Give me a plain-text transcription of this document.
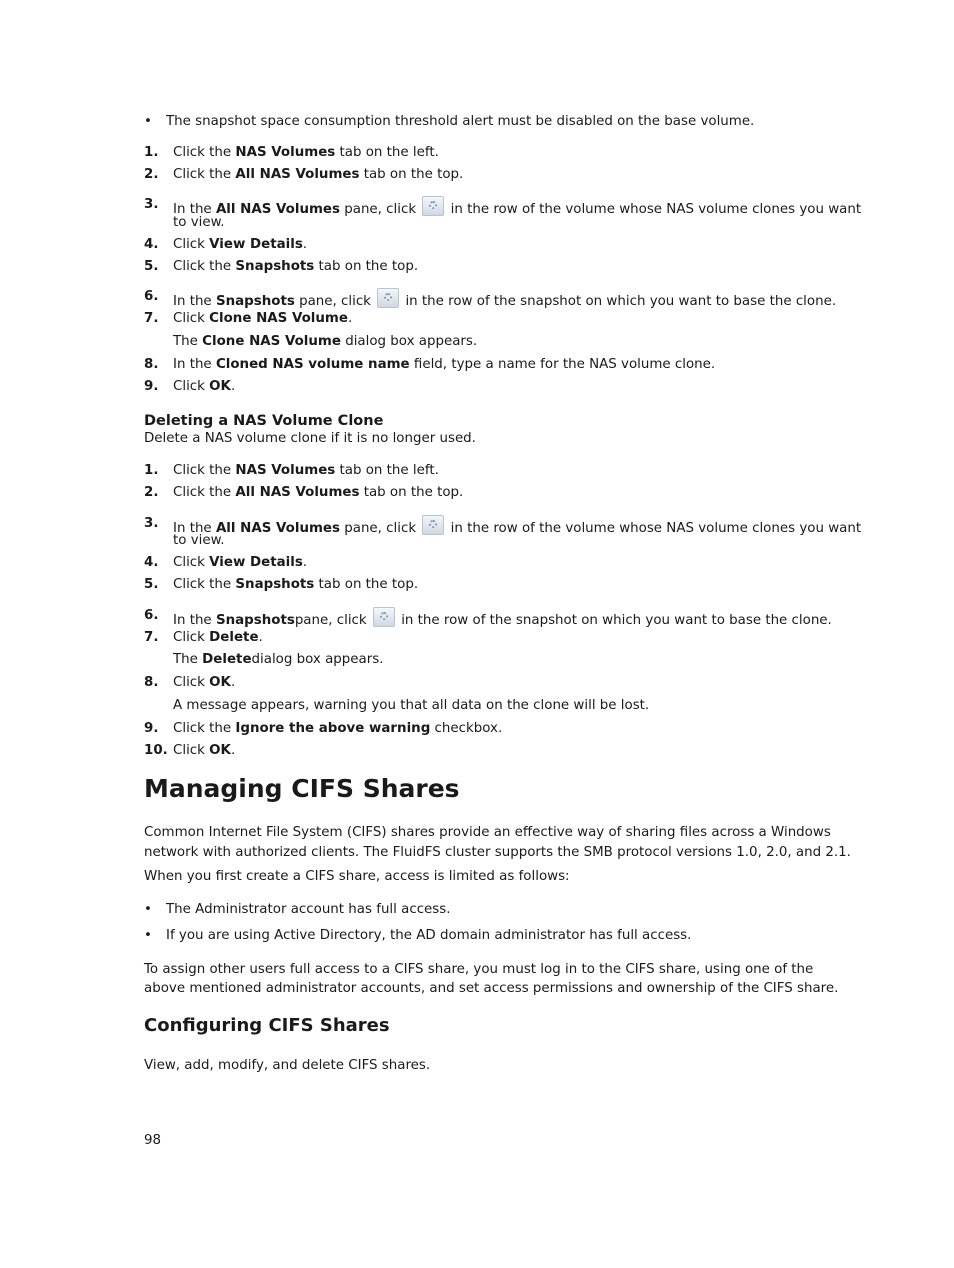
• The snapshot space consumption threshold alert must be disabled on the base volume.
1. Click the NAS Volumes tab on the left.
2. Click the All NAS Volumes tab on the top.
3. In the All NAS Volumes pane, click  in the row of the volume whose NAS volume clones you want
to view.
4. Click View Details.
5. Click the Snapshots tab on the top.
6. In the Snapshots pane, click  in the row of the snapshot on which you want to base the clone.
7. Click Clone NAS Volume.
The Clone NAS Volume dialog box appears.
8. In the Cloned NAS volume name field, type a name for the NAS volume clone.
9. Click OK.
Deleting a NAS Volume Clone
Delete a NAS volume clone if it is no longer used.
1. Click the NAS Volumes tab on the left.
2. Click the All NAS Volumes tab on the top.
3. In the All NAS Volumes pane, click  in the row of the volume whose NAS volume clones you want
to view.
4. Click View Details.
5. Click the Snapshots tab on the top.
6. In the Snapshotspane, click  in the row of the snapshot on which you want to base the clone.
7. Click Delete.
The Deletedialog box appears.
8. Click OK.
A message appears, warning you that all data on the clone will be lost.
9. Click the Ignore the above warning checkbox.
10. Click OK.
Managing CIFS Shares
Common Internet File System (CIFS) shares provide an effective way of sharing files across a Windows
network with authorized clients. The FluidFS cluster supports the SMB protocol versions 1.0, 2.0, and 2.1.
When you first create a CIFS share, access is limited as follows:
• The Administrator account has full access.
• If you are using Active Directory, the AD domain administrator has full access.
To assign other users full access to a CIFS share, you must log in to the CIFS share, using one of the
above mentioned administrator accounts, and set access permissions and ownership of the CIFS share.
Configuring CIFS Shares
View, add, modify, and delete CIFS shares.
98
